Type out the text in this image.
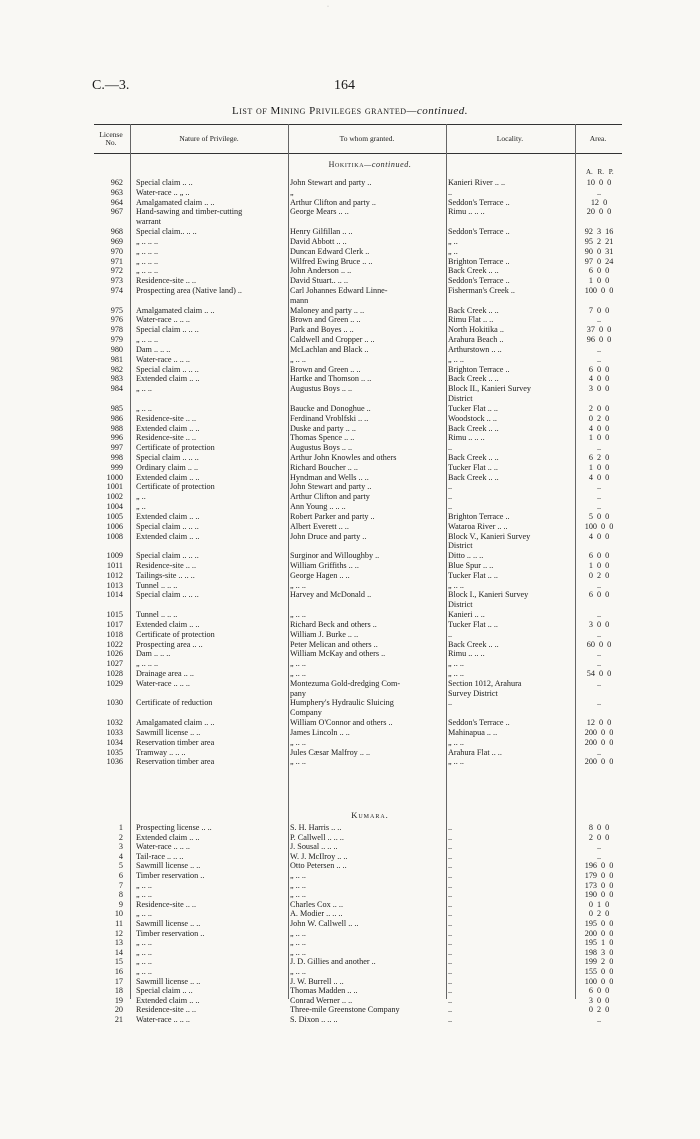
C.—3.	164
List of Mining Privileges granted—continued.
License No.	Nature of Privilege.	To whom granted.	Locality.	Area.
Hokitika—continued.
A. R. P.
962 Special claim .. ..	John Stewart and party ..	Kanieri River .. ..	10 0 0
963 Water-race .. „ ..	„	..	..
964 Amalgamated claim .. ..	Arthur Clifton and party ..	Seddon's Terrace ..	12 0
967 Hand-sawing and timber-cutting	George Mears .. ..	Rimu .. .. ..	20 0 0
warrant
968 Special claim.. .. ..	Henry Gilfillan .. ..	Seddon's Terrace ..	92 3 16
969 „ .. .. ..	David Abbott .. ..	„ ..	95 2 21
970 „ .. .. ..	Duncan Edward Clerk ..	„ ..	90 0 31
971 „ .. .. ..	Wilfred Ewing Bruce .. ..	Brighton Terrace ..	97 0 24
972 „ .. .. ..	John Anderson .. ..	Back Creek .. ..	6 0 0
973 Residence-site .. ..	David Stuart.. .. ..	Seddon's Terrace ..	1 0 0
974 Prospecting area (Native land) ..	Carl Johannes Edward Linne-	Fisherman's Creek ..	100 0 0
mann
975 Amalgamated claim .. ..	Maloney and party .. ..	Back Creek .. ..	7 0 0
976 Water-race .. .. ..	Brown and Green .. ..	Rimu Flat .. ..	..
978 Special claim .. .. ..	Park and Boyes .. ..	North Hokitika ..	37 0 0
979 „ .. .. ..	Caldwell and Cropper .. ..	Arahura Beach ..	96 0 0
980 Dam .. .. ..	McLachlan and Black ..	Arthurstown .. ..	..
981 Water-race .. .. ..	„ .. ..	„ .. ..	..
982 Special claim .. .. ..	Brown and Green .. ..	Brighton Terrace ..	6 0 0
983 Extended claim .. ..	Hartke and Thomson .. ..	Back Creek .. ..	4 0 0
984 „ .. ..	Augustus Boys .. ..	Block II., Kanieri Survey	3 0 0
District
985 „ .. ..	Baucke and Donoghue ..	Tucker Flat .. ..	2 0 0
986 Residence-site .. ..	Ferdinand Vroblfski .. ..	Woodstock .. ..	0 2 0
988 Extended claim .. ..	Duske and party .. ..	Back Creek .. ..	4 0 0
996 Residence-site .. ..	Thomas Spence .. ..	Rimu .. .. ..	1 0 0
997 Certificate of protection	Augustus Boys .. ..	..	..
998 Special claim .. .. ..	Arthur John Knowles and others	Back Creek .. ..	6 2 0
999 Ordinary claim .. ..	Richard Boucher .. ..	Tucker Flat .. ..	1 0 0
1000 Extended claim .. ..	Hyndman and Wells .. ..	Back Creek .. ..	4 0 0
1001 Certificate of protection	John Stewart and party ..	..	..
1002 „ ..	Arthur Clifton and party	..	..
1004 „ ..	Ann Young .. .. ..	..	..
1005 Extended claim .. ..	Robert Parker and party ..	Brighton Terrace ..	5 0 0
1006 Special claim .. .. ..	Albert Everett .. ..	Wataroa River .. ..	100 0 0
1008 Extended claim .. ..	John Druce and party ..	Block V., Kanieri Survey	4 0 0
District
1009 Special claim .. .. ..	Surginor and Willoughby ..	Ditto .. .. ..	6 0 0
1011 Residence-site .. ..	William Griffiths .. ..	Blue Spur .. ..	1 0 0
1012 Tailings-site .. .. ..	George Hagen .. ..	Tucker Flat .. ..	0 2 0
1013 Tunnel .. .. ..	„ .. ..	„ .. ..	..
1014 Special claim .. .. ..	Harvey and McDonald ..	Block I., Kanieri Survey	6 0 0
District
1015 Tunnel .. .. ..	„ .. ..	Kanieri .. ..	..
1017 Extended claim .. ..	Richard Beck and others ..	Tucker Flat .. ..	3 0 0
1018 Certificate of protection	William J. Burke .. ..	..	..
1022 Prospecting area .. ..	Peter Melican and others ..	Back Creek .. ..	60 0 0
1026 Dam .. .. ..	William McKay and others ..	Rimu .. .. ..	..
1027 „ .. .. ..	„ .. ..	„ .. ..	..
1028 Drainage area .. ..	„ .. ..	„ .. ..	54 0 0
1029 Water-race .. .. ..	Montezuma Gold-dredging Com-	Section 1012, Arahura	..
pany	Survey District
1030 Certificate of reduction	Humphery's Hydraulic Sluicing	..	..
Company
1032 Amalgamated claim .. ..	William O'Connor and others ..	Seddon's Terrace ..	12 0 0
1033 Sawmill license .. ..	James Lincoln .. ..	Mahinapua .. ..	200 0 0
1034 Reservation timber area	„ .. ..	„ .. ..	200 0 0
1035 Tramway .. .. ..	Jules Cæsar Malfroy .. ..	Arahura Flat .. ..	..
1036 Reservation timber area	„ .. ..	„ .. ..	200 0 0
Kumara.
1 Prospecting license .. ..	S. H. Harris .. ..	..	8 0 0
2 Extended claim .. ..	P. Callwell .. .. ..	..	2 0 0
3 Water-race .. .. ..	J. Sousal .. .. ..	..	..
4 Tail-race .. .. ..	W. J. McIlroy .. ..	..	..
5 Sawmill license .. ..	Otto Petersen .. ..	..	196 0 0
6 Timber reservation ..	„ .. ..	..	179 0 0
7 „ .. ..	„ .. ..	..	173 0 0
8 „ .. ..	„ .. ..	..	190 0 0
9 Residence-site .. ..	Charles Cox .. ..	..	0 1 0
10 „ .. ..	A. Modier .. .. ..	..	0 2 0
11 Sawmill license .. ..	John W. Callwell .. ..	..	195 0 0
12 Timber reservation ..	„ .. ..	..	200 0 0
13 „ .. ..	„ .. ..	..	195 1 0
14 „ .. ..	„ .. ..	..	198 3 0
15 „ .. ..	J. D. Gillies and another ..	..	199 2 0
16 „ .. ..	„ .. ..	..	155 0 0
17 Sawmill license .. ..	J. W. Burrell .. ..	..	100 0 0
18 Special claim .. ..	Thomas Madden .. ..	..	6 0 0
19 Extended claim .. ..	Conrad Werner .. ..	..	3 0 0
20 Residence-site .. ..	Three-mile Greenstone Company	..	0 2 0
21 Water-race .. .. ..	S. Dixon .. .. ..	..	..
·
